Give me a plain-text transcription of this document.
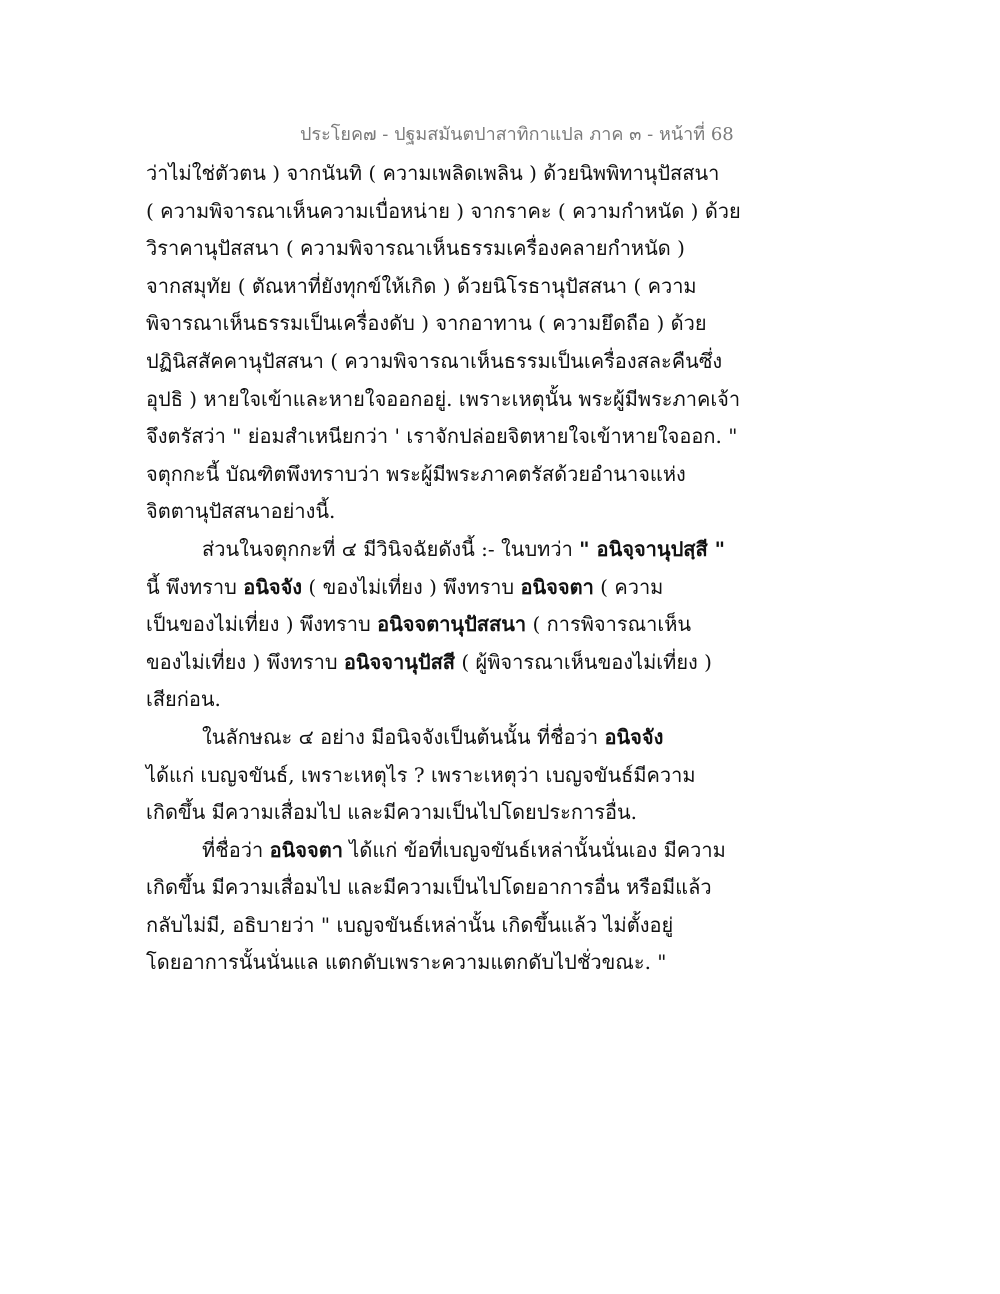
ประโยค๗ - ปฐมสมันตปาสาทิกาแปล ภาค ๓ - หน้าที่ 68
ว่าไม่ใช่ตัวตน ) จากนันทิ ( ความเพลิดเพลิน ) ด้วยนิพพิทานุปัสสนา
( ความพิจารณาเห็นความเบื่อหน่าย ) จากราคะ ( ความกำหนัด ) ด้วย
วิราคานุปัสสนา ( ความพิจารณาเห็นธรรมเครื่องคลายกำหนัด )
จากสมุทัย ( ตัณหาที่ยังทุกข์ให้เกิด ) ด้วยนิโรธานุปัสสนา ( ความ
พิจารณาเห็นธรรมเป็นเครื่องดับ ) จากอาทาน ( ความยึดถือ ) ด้วย
ปฏินิสสัคคานุปัสสนา ( ความพิจารณาเห็นธรรมเป็นเครื่องสละคืนซึ่ง
อุปธิ ) หายใจเข้าและหายใจออกอยู่. เพราะเหตุนั้น พระผู้มีพระภาคเจ้า
จึงตรัสว่า " ย่อมสำเหนียกว่า ' เราจักปล่อยจิตหายใจเข้าหายใจออก. "
จตุกกะนี้ บัณฑิตพึงทราบว่า พระผู้มีพระภาคตรัสด้วยอำนาจแห่ง
จิตตานุปัสสนาอย่างนี้.
ส่วนในจตุกกะที่ ๔ มีวินิจฉัยดังนี้ :- ในบทว่า " อนิจฺจานุปสฺสี "
นี้ พึงทราบ อนิจจัง ( ของไม่เที่ยง ) พึงทราบ อนิจจตา ( ความ
เป็นของไม่เที่ยง ) พึงทราบ อนิจจตานุปัสสนา ( การพิจารณาเห็น
ของไม่เที่ยง ) พึงทราบ อนิจจานุปัสสี ( ผู้พิจารณาเห็นของไม่เที่ยง )
เสียก่อน.
ในลักษณะ ๔ อย่าง มีอนิจจังเป็นต้นนั้น ที่ชื่อว่า อนิจจัง
ได้แก่ เบญจขันธ์, เพราะเหตุไร ? เพราะเหตุว่า เบญจขันธ์มีความ
เกิดขึ้น มีความเสื่อมไป และมีความเป็นไปโดยประการอื่น.
ที่ชื่อว่า อนิจจตา ได้แก่ ข้อที่เบญจขันธ์เหล่านั้นนั่นเอง มีความ
เกิดขึ้น มีความเสื่อมไป และมีความเป็นไปโดยอาการอื่น หรือมีแล้ว
กลับไม่มี, อธิบายว่า " เบญจขันธ์เหล่านั้น เกิดขึ้นแล้ว ไม่ตั้งอยู่
โดยอาการนั้นนั่นแล แตกดับเพราะความแตกดับไปชั่วขณะ. "
